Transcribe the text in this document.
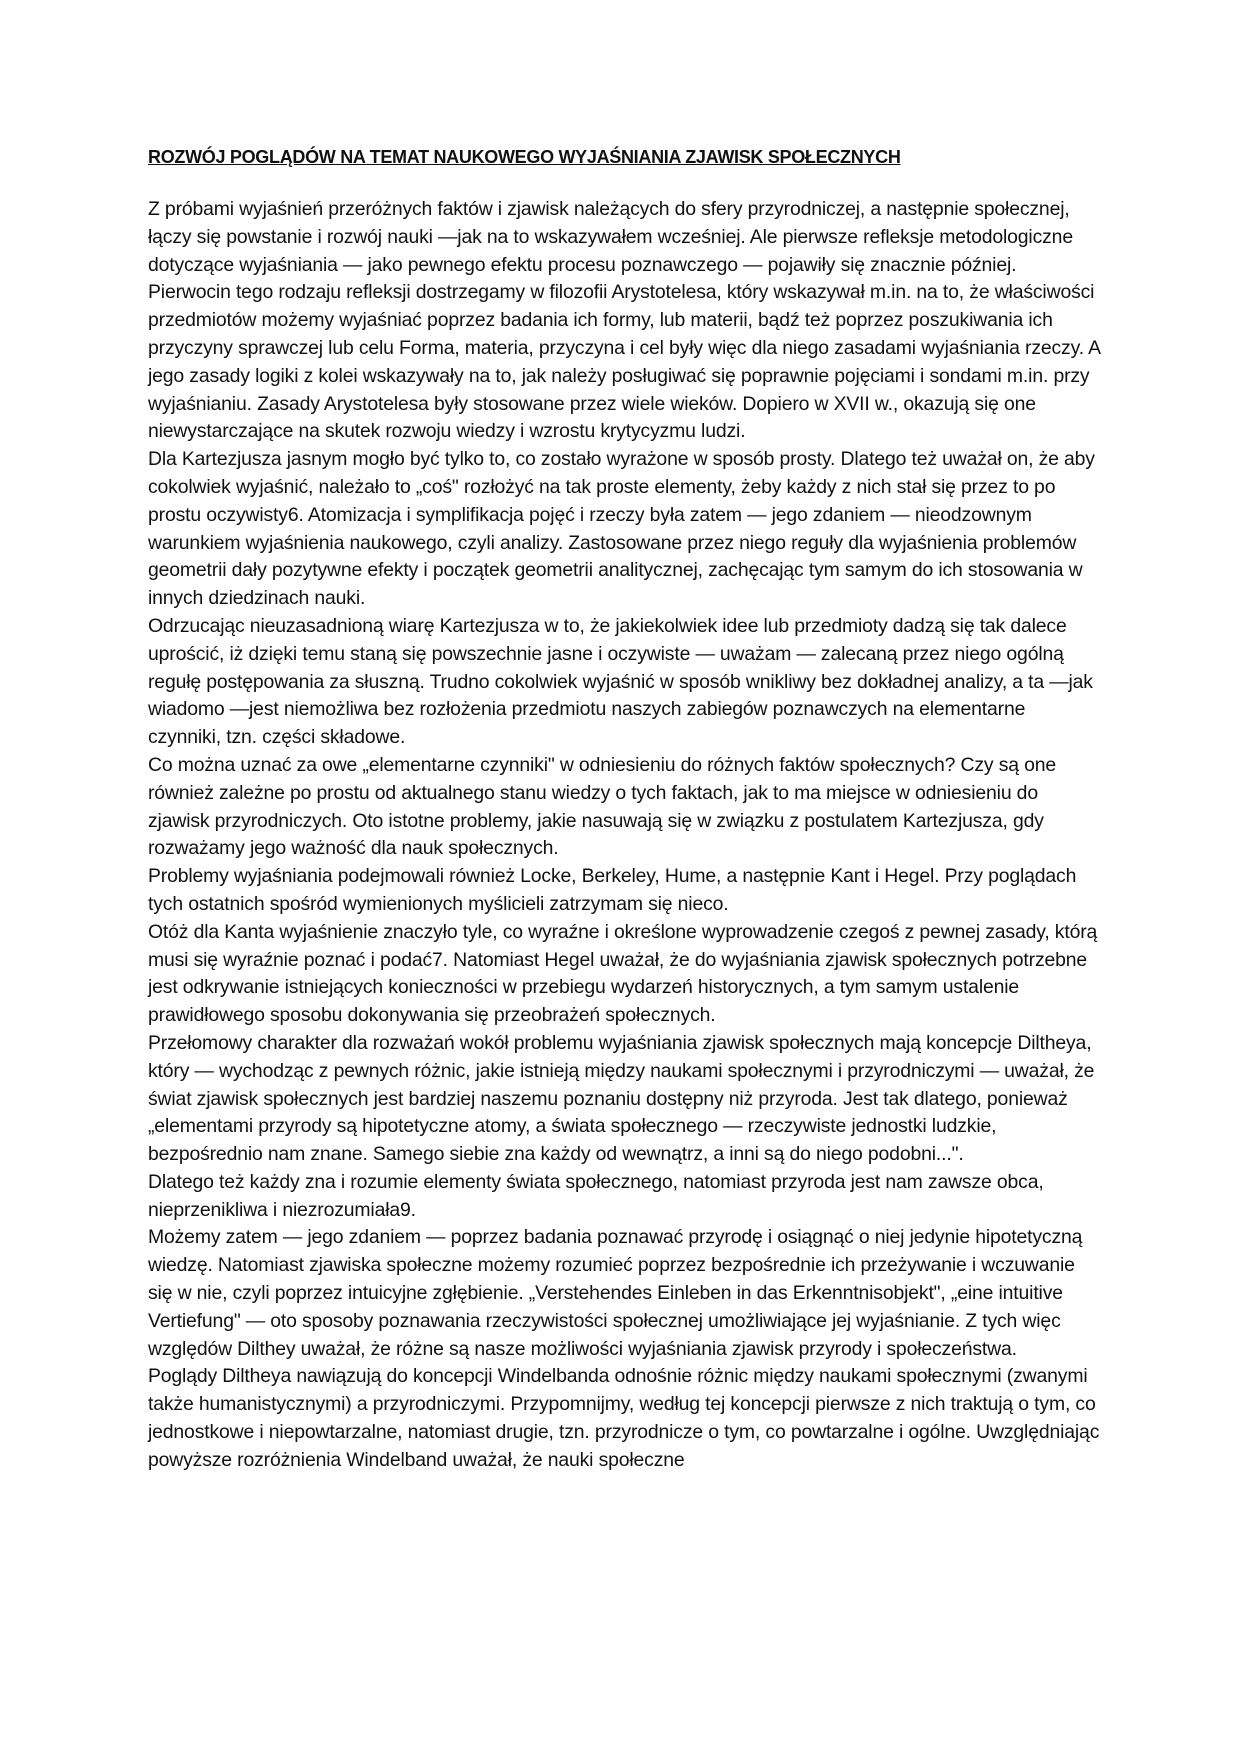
ROZWÓJ POGLĄDÓW NA TEMAT NAUKOWEGO WYJAŚNIANIA ZJAWISK SPOŁECZNYCH

Z próbami wyjaśnień przeróżnych faktów i zjawisk należących do sfery przyrodniczej, a następnie społecznej, łączy się powstanie i rozwój nauki —jak na to wskazywałem wcześniej. Ale pierwsze refleksje metodologiczne dotyczące wyjaśniania — jako pewnego efektu procesu poznawczego — pojawiły się znacznie później. Pierwocin tego rodzaju refleksji dostrzegamy w filozofii Arystotelesa, który wskazywał m.in. na to, że właściwości przedmiotów możemy wyjaśniać poprzez badania ich formy, lub materii, bądź też poprzez poszukiwania ich przyczyny sprawczej lub celu Forma, materia, przyczyna i cel były więc dla niego zasadami wyjaśniania rzeczy. A jego zasady logiki z kolei wskazywały na to, jak należy posługiwać się poprawnie pojęciami i sondami m.in. przy wyjaśnianiu. Zasady Arystotelesa były stosowane przez wiele wieków. Dopiero w XVII w., okazują się one niewystarczające na skutek rozwoju wiedzy i wzrostu krytycyzmu ludzi.

Dla Kartezjusza jasnym mogło być tylko to, co zostało wyrażone w sposób prosty. Dlatego też uważał on, że aby cokolwiek wyjaśnić, należało to „coś" rozłożyć na tak proste elementy, żeby każdy z nich stał się przez to po prostu oczywisty6. Atomizacja i symplifikacja pojęć i rzeczy była zatem — jego zdaniem — nieodzownym warunkiem wyjaśnienia naukowego, czyli analizy. Zastosowane przez niego reguły dla wyjaśnienia problemów geometrii dały pozytywne efekty i początek geometrii analitycznej, zachęcając tym samym do ich stosowania w innych dziedzinach nauki.

Odrzucając nieuzasadnioną wiarę Kartezjusza w to, że jakiekolwiek idee lub przedmioty dadzą się tak dalece uprościć, iż dzięki temu staną się powszechnie jasne i oczywiste — uważam — zalecaną przez niego ogólną regułę postępowania za słuszną. Trudno cokolwiek wyjaśnić w sposób wnikliwy bez dokładnej analizy, a ta —jak wiadomo —jest niemożliwa bez rozłożenia przedmiotu naszych zabiegów poznawczych na elementarne czynniki, tzn. części składowe.

Co można uznać za owe „elementarne czynniki" w odniesieniu do różnych faktów społecznych? Czy są one również zależne po prostu od aktualnego stanu wiedzy o tych faktach, jak to ma miejsce w odniesieniu do zjawisk przyrodniczych. Oto istotne problemy, jakie nasuwają się w związku z postulatem Kartezjusza, gdy rozważamy jego ważność dla nauk społecznych.

Problemy wyjaśniania podejmowali również Locke, Berkeley, Hume, a następnie Kant i Hegel. Przy poglądach tych ostatnich spośród wymienionych myślicieli zatrzymam się nieco.

Otóż dla Kanta wyjaśnienie znaczyło tyle, co wyraźne i określone wyprowadzenie czegoś z pewnej zasady, którą musi się wyraźnie poznać i podać7. Natomiast Hegel uważał, że do wyjaśniania zjawisk społecznych potrzebne jest odkrywanie istniejących konieczności w przebiegu wydarzeń historycznych, a tym samym ustalenie prawidłowego sposobu dokonywania się przeobrażeń społecznych.

Przełomowy charakter dla rozważań wokół problemu wyjaśniania zjawisk społecznych mają koncepcje Diltheya, który — wychodząc z pewnych różnic, jakie istnieją między naukami społecznymi i przyrodniczymi — uważał, że świat zjawisk społecznych jest bardziej naszemu poznaniu dostępny niż przyroda. Jest tak dlatego, ponieważ „elementami przyrody są hipotetyczne atomy, a świata społecznego — rzeczywiste jednostki ludzkie, bezpośrednio nam znane. Samego siebie zna każdy od wewnątrz, a inni są do niego podobni...".

Dlatego też każdy zna i rozumie elementy świata społecznego, natomiast przyroda jest nam zawsze obca, nieprzenikliwa i niezrozumiała9.

Możemy zatem — jego zdaniem — poprzez badania poznawać przyrodę i osiągnąć o niej jedynie hipotetyczną wiedzę. Natomiast zjawiska społeczne możemy rozumieć poprzez bezpośrednie ich przeżywanie i wczuwanie się w nie, czyli poprzez intuicyjne zgłębienie. „Verstehendes Einleben in das Erkenntnisobjekt", „eine intuitive Vertiefung" — oto sposoby poznawania rzeczywistości społecznej umożliwiające jej wyjaśnianie. Z tych więc względów Dilthey uważał, że różne są nasze możliwości wyjaśniania zjawisk przyrody i społeczeństwa.

Poglądy Diltheya nawiązują do koncepcji Windelbanda odnośnie różnic między naukami społecznymi (zwanymi także humanistycznymi) a przyrodniczymi. Przypomnijmy, według tej koncepcji pierwsze z nich traktują o tym, co jednostkowe i niepowtarzalne, natomiast drugie, tzn. przyrodnicze o tym, co powtarzalne i ogólne. Uwzględniając powyższe rozróżnienia Windelband uważał, że nauki społeczne
